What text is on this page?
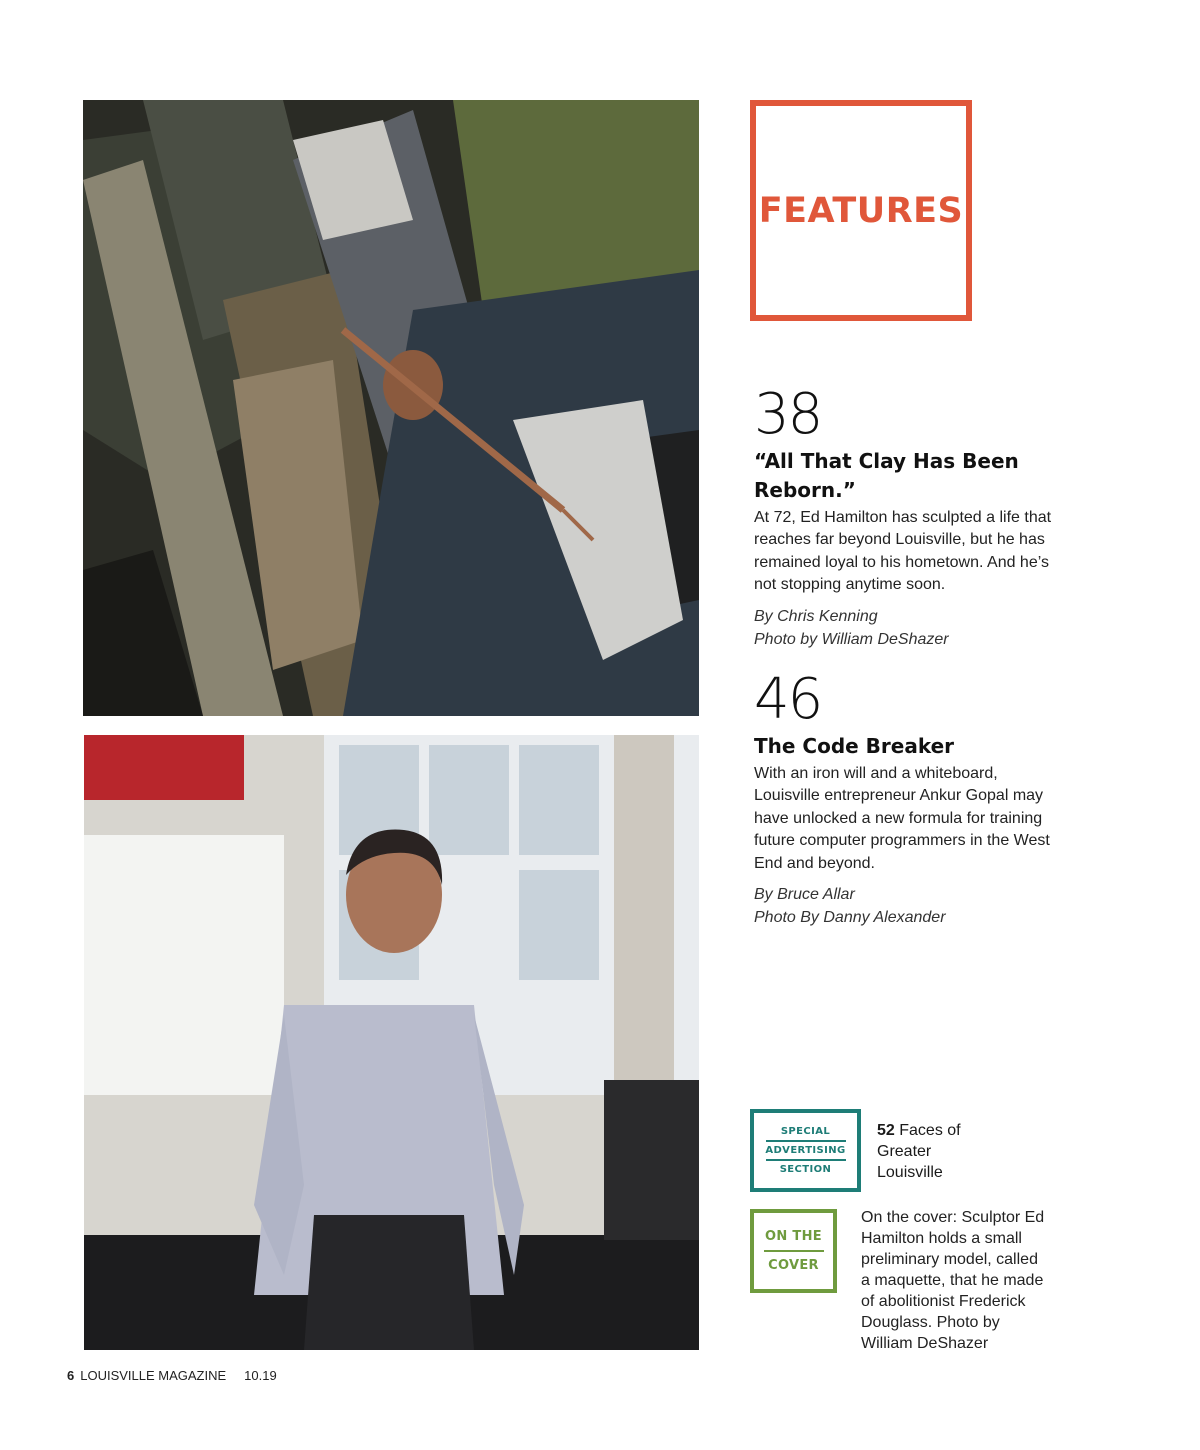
FEATURES
38
“All That Clay Has Been Reborn.”
At 72, Ed Hamilton has sculpted a life that reaches far beyond Louisville, but he has remained loyal to his hometown. And he’s not stopping anytime soon.
By Chris Kenning
Photo by William DeShazer
46
The Code Breaker
With an iron will and a whiteboard, Louisville entrepreneur Ankur Gopal may have unlocked a new formula for training future computer programmers in the West End and beyond.
By Bruce Allar
Photo By Danny Alexander
SPECIAL
ADVERTISING
SECTION
52 Faces of Greater Louisville
ON THE
COVER
On the cover: Sculptor Ed Hamilton holds a small preliminary model, called a maquette, that he made of abolitionist Frederick Douglass. Photo by William DeShazer
6 LOUISVILLE MAGAZINE 10.19
